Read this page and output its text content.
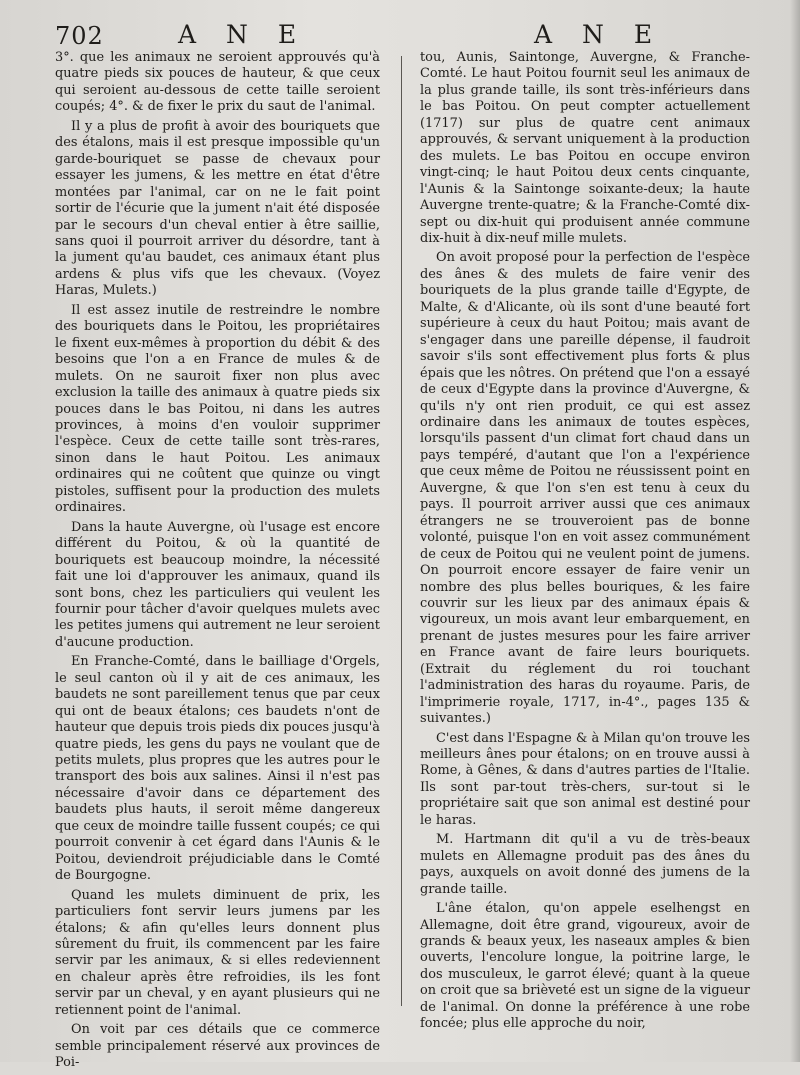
702	A N E	A N E

3°. que les animaux ne seroient approuvés qu'à quatre pieds six pouces de hauteur, & que ceux qui seroient au-dessous de cette taille seroient coupés; 4°. & de fixer le prix du saut de l'animal.

Il y a plus de profit à avoir des bouriquets que des étalons, mais il est presque impossible qu'un garde-bouriquet se passe de chevaux pour essayer les jumens, & les mettre en état d'être montées par l'animal, car on ne le fait point sortir de l'écurie que la jument n'ait été disposée par le secours d'un cheval entier à être saillie, sans quoi il pourroit arriver du désordre, tant à la jument qu'au baudet, ces animaux étant plus ardens & plus vifs que les chevaux. (Voyez Haras, Mulets.)

Il est assez inutile de restreindre le nombre des bouriquets dans le Poitou, les propriétaires le fixent eux-mêmes à proportion du débit & des besoins que l'on a en France de mules & de mulets. On ne sauroit fixer non plus avec exclusion la taille des animaux à quatre pieds six pouces dans le bas Poitou, ni dans les autres provinces, à moins d'en vouloir supprimer l'espèce. Ceux de cette taille sont très-rares, sinon dans le haut Poitou. Les animaux ordinaires qui ne coûtent que quinze ou vingt pistoles, suffisent pour la production des mulets ordinaires.

Dans la haute Auvergne, où l'usage est encore différent du Poitou, & où la quantité de bouriquets est beaucoup moindre, la nécessité fait une loi d'approuver les animaux, quand ils sont bons, chez les particuliers qui veulent les fournir pour tâcher d'avoir quelques mulets avec les petites jumens qui autrement ne leur seroient d'aucune production.

En Franche-Comté, dans le bailliage d'Orgels, le seul canton où il y ait de ces animaux, les baudets ne sont pareillement tenus que par ceux qui ont de beaux étalons; ces baudets n'ont de hauteur que depuis trois pieds dix pouces jusqu'à quatre pieds, les gens du pays ne voulant que de petits mulets, plus propres que les autres pour le transport des bois aux salines. Ainsi il n'est pas nécessaire d'avoir dans ce département des baudets plus hauts, il seroit même dangereux que ceux de moindre taille fussent coupés; ce qui pourroit convenir à cet égard dans l'Aunis & le Poitou, deviendroit préjudiciable dans le Comté de Bourgogne.

Quand les mulets diminuent de prix, les particuliers font servir leurs jumens par les étalons; & afin qu'elles leurs donnent plus sûrement du fruit, ils commencent par les faire servir par les animaux, & si elles redeviennent en chaleur après être refroidies, ils les font servir par un cheval, y en ayant plusieurs qui ne retiennent point de l'animal.

On voit par ces détails que ce commerce semble principalement réservé aux provinces de Poi-

tou, Aunis, Saintonge, Auvergne, & Franche-Comté. Le haut Poitou fournit seul les animaux de la plus grande taille, ils sont très-inférieurs dans le bas Poitou. On peut compter actuellement (1717) sur plus de quatre cent animaux approuvés, & servant uniquement à la production des mulets. Le bas Poitou en occupe environ vingt-cinq; le haut Poitou deux cents cinquante, l'Aunis & la Saintonge soixante-deux; la haute Auvergne trente-quatre; & la Franche-Comté dix-sept ou dix-huit qui produisent année commune dix-huit à dix-neuf mille mulets.

On avoit proposé pour la perfection de l'espèce des ânes & des mulets de faire venir des bouriquets de la plus grande taille d'Egypte, de Malte, & d'Alicante, où ils sont d'une beauté fort supérieure à ceux du haut Poitou; mais avant de s'engager dans une pareille dépense, il faudroit savoir s'ils sont effectivement plus forts & plus épais que les nôtres. On prétend que l'on a essayé de ceux d'Egypte dans la province d'Auvergne, & qu'ils n'y ont rien produit, ce qui est assez ordinaire dans les animaux de toutes espèces, lorsqu'ils passent d'un climat fort chaud dans un pays tempéré, d'autant que l'on a l'expérience que ceux même de Poitou ne réussissent point en Auvergne, & que l'on s'en est tenu à ceux du pays. Il pourroit arriver aussi que ces animaux étrangers ne se trouveroient pas de bonne volonté, puisque l'on en voit assez communément de ceux de Poitou qui ne veulent point de jumens. On pourroit encore essayer de faire venir un nombre des plus belles bouriques, & les faire couvrir sur les lieux par des animaux épais & vigoureux, un mois avant leur embarquement, en prenant de justes mesures pour les faire arriver en France avant de faire leurs bouriquets. (Extrait du réglement du roi touchant l'administration des haras du royaume. Paris, de l'imprimerie royale, 1717, in-4°., pages 135 & suivantes.)

C'est dans l'Espagne & à Milan qu'on trouve les meilleurs ânes pour étalons; on en trouve aussi à Rome, à Gênes, & dans d'autres parties de l'Italie. Ils sont par-tout très-chers, sur-tout si le propriétaire sait que son animal est destiné pour le haras.

M. Hartmann dit qu'il a vu de très-beaux mulets en Allemagne produit pas des ânes du pays, auxquels on avoit donné des jumens de la grande taille.

L'âne étalon, qu'on appele eselhengst en Allemagne, doit être grand, vigoureux, avoir de grands & beaux yeux, les naseaux amples & bien ouverts, l'encolure longue, la poitrine large, le dos musculeux, le garrot élevé; quant à la queue on croit que sa brièveté est un signe de la vigueur de l'animal. On donne la préférence à une robe foncée; plus elle approche du noir,
